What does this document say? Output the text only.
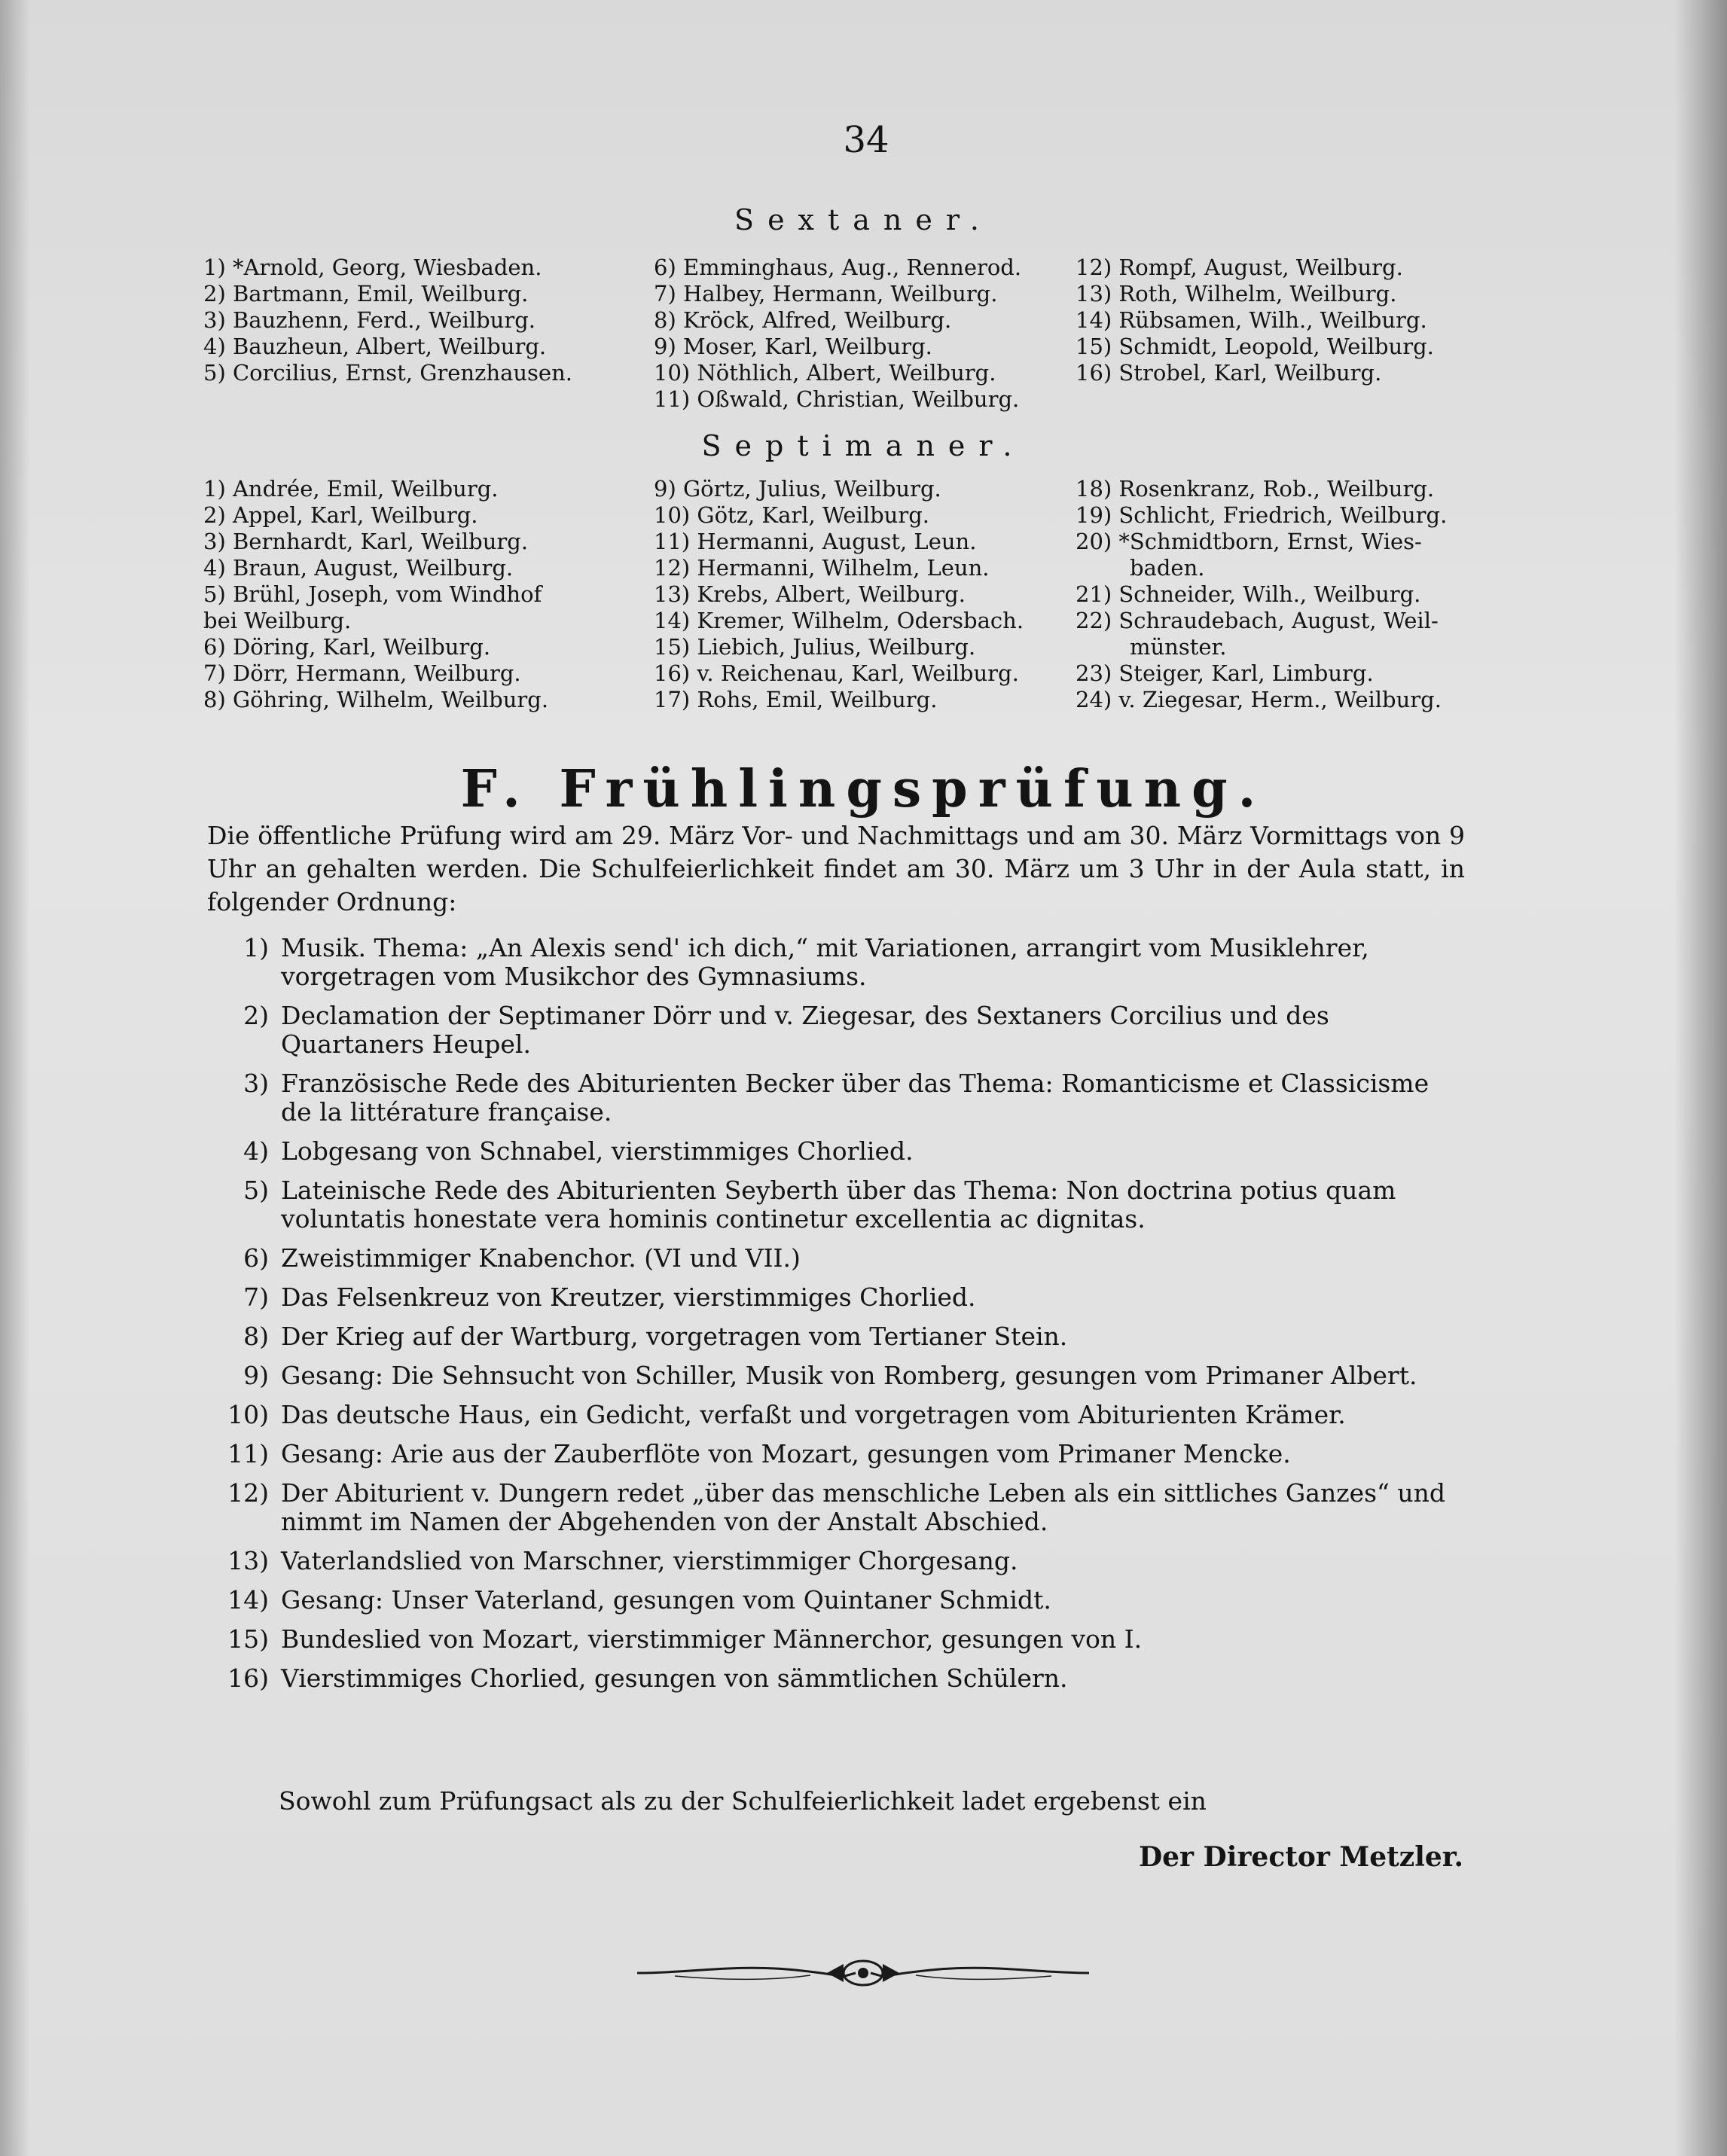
34
Sextaner.
1) *Arnold, Georg, Wiesbaden.
2) Bartmann, Emil, Weilburg.
3) Bauzhenn, Ferd., Weilburg.
4) Bauzheun, Albert, Weilburg.
5) Corcilius, Ernst, Grenzhausen.
6) Emminghaus, Aug., Rennerod.
7) Halbey, Hermann, Weilburg.
8) Kröck, Alfred, Weilburg.
9) Moser, Karl, Weilburg.
10) Nöthlich, Albert, Weilburg.
11) Oßwald, Christian, Weilburg.
12) Rompf, August, Weilburg.
13) Roth, Wilhelm, Weilburg.
14) Rübsamen, Wilh., Weilburg.
15) Schmidt, Leopold, Weilburg.
16) Strobel, Karl, Weilburg.
Septimaner.
1) Andrée, Emil, Weilburg.
2) Appel, Karl, Weilburg.
3) Bernhardt, Karl, Weilburg.
4) Braun, August, Weilburg.
5) Brühl, Joseph, vom Windhof
bei Weilburg.
6) Döring, Karl, Weilburg.
7) Dörr, Hermann, Weilburg.
8) Göhring, Wilhelm, Weilburg.
9) Görtz, Julius, Weilburg.
10) Götz, Karl, Weilburg.
11) Hermanni, August, Leun.
12) Hermanni, Wilhelm, Leun.
13) Krebs, Albert, Weilburg.
14) Kremer, Wilhelm, Odersbach.
15) Liebich, Julius, Weilburg.
16) v. Reichenau, Karl, Weilburg.
17) Rohs, Emil, Weilburg.
18) Rosenkranz, Rob., Weilburg.
19) Schlicht, Friedrich, Weilburg.
20) *Schmidtborn, Ernst, Wies-
baden.
21) Schneider, Wilh., Weilburg.
22) Schraudebach, August, Weil-
münster.
23) Steiger, Karl, Limburg.
24) v. Ziegesar, Herm., Weilburg.
F. Frühlingsprüfung.
Die öffentliche Prüfung wird am 29. März Vor- und Nachmittags und am 30. März Vormittags von 9 Uhr an gehalten werden. Die Schulfeierlichkeit findet am 30. März um 3 Uhr in der Aula statt, in folgender Ordnung:
1) Musik. Thema: „An Alexis send' ich dich,“ mit Variationen, arrangirt vom Musiklehrer, vorgetragen vom Musikchor des Gymnasiums.
2) Declamation der Septimaner Dörr und v. Ziegesar, des Sextaners Corcilius und des Quartaners Heupel.
3) Französische Rede des Abiturienten Becker über das Thema: Romanticisme et Classicisme de la littérature française.
4) Lobgesang von Schnabel, vierstimmiges Chorlied.
5) Lateinische Rede des Abiturienten Seyberth über das Thema: Non doctrina potius quam voluntatis honestate vera hominis continetur excellentia ac dignitas.
6) Zweistimmiger Knabenchor. (VI und VII.)
7) Das Felsenkreuz von Kreutzer, vierstimmiges Chorlied.
8) Der Krieg auf der Wartburg, vorgetragen vom Tertianer Stein.
9) Gesang: Die Sehnsucht von Schiller, Musik von Romberg, gesungen vom Primaner Albert.
10) Das deutsche Haus, ein Gedicht, verfaßt und vorgetragen vom Abiturienten Krämer.
11) Gesang: Arie aus der Zauberflöte von Mozart, gesungen vom Primaner Mencke.
12) Der Abiturient v. Dungern redet „über das menschliche Leben als ein sittliches Ganzes“ und nimmt im Namen der Abgehenden von der Anstalt Abschied.
13) Vaterlandslied von Marschner, vierstimmiger Chorgesang.
14) Gesang: Unser Vaterland, gesungen vom Quintaner Schmidt.
15) Bundeslied von Mozart, vierstimmiger Männerchor, gesungen von I.
16) Vierstimmiges Chorlied, gesungen von sämmtlichen Schülern.
Sowohl zum Prüfungsact als zu der Schulfeierlichkeit ladet ergebenst ein
Der Director Metzler.
